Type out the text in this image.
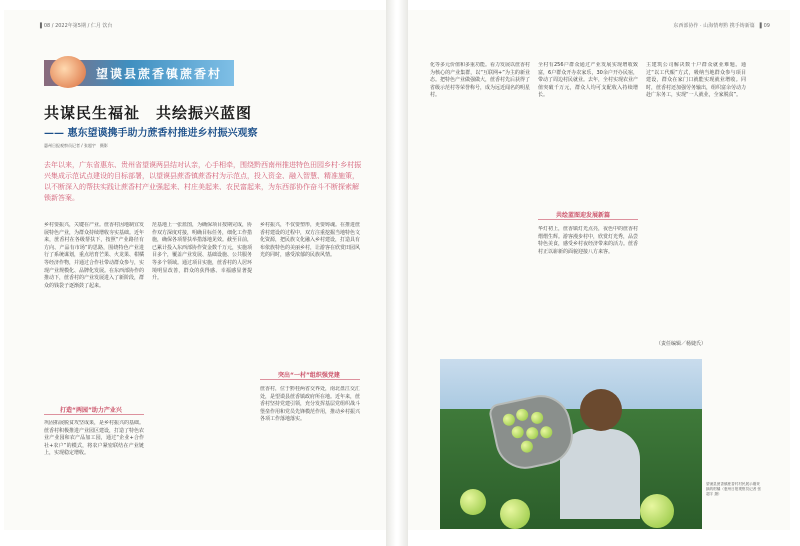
▌08 / 2022年第5期 / 仁月 饮台
望谟县蔗香镇蔗香村
共谋民生福祉　共绘振兴蓝图
—— 惠东望谟携手助力蔗香村推进乡村振兴观察
惠州日报观察员记者 / 张超宇　摄影
去年以来，广东省惠东、贵州省望谟两县结对认亲，心手相牵，围绕黔西南州推进特色田园乡村·乡村振兴集成示范试点建设的目标部署，以望谟县蔗香镇蔗香村为示范点，投入资金、融入智慧、精准施策，以不断深入的帮扶实践让蔗香村产业强起来、村庄美起来、农民富起来，为东西部协作奋斗不断探索解锁新答案。

乡村要振兴，关键在产业。蔗香村因地制宜发展特色产业，为群众持续增收夯实基础。近年来，蔗香村在各级帮扶下，按照“产业路径有方向、产品有市场”的思路，围绕特色产业进行了系统谋划，重点培育芒果、火龙果、柑橘等经济作物，并通过合作社带动群众参与，实现产业规模化、品牌化发展。在东西部协作的推动下，蔗香村的产业发展进入了新阶段，群众的钱袋子逐渐鼓了起来。

打造“两园”助力产业兴

巩固拓展脱贫攻坚成果，是乡村振兴的基础。蔗香村积极推进产业园区建设，打造了特色农业产业园和农产品加工园，通过“企业+合作社+农户”的模式，将农户紧密联结在产业链上，实现稳定增收。

范基地上一张蓝图，为确保项目按期完成，协作双方深度对接，明确目标任务，细化工作措施，确保各项帮扶举措落地见效。截至目前，已累计投入东西部协作资金数千万元，实施项目多个，覆盖产业发展、基础设施、公共服务等多个领域。通过项目实施，蔗香村的人居环境明显改善，群众的获得感、幸福感显著提升。

乡村振兴，不仅要塑形，更要铸魂。在推进蔗香村建设的过程中，双方注重挖掘当地特色文化资源，把民族文化融入乡村建设，打造具有布依族特色的美丽乡村，让游客在欣赏田园风光的同时，感受浓郁的民族风情。

突出“一村”组织强党建

蔗香村，位于黔桂两省交界处，南北盘江交汇处，是望谟县蔗香镇政府所在地。近年来，蔗香村坚持党建引领，充分发挥基层党组织战斗堡垒作用和党员先锋模范作用，推动乡村振兴各项工作落地落实。

东西部协作 · 山海情粤黔 携手铸新篇　▌09

化等多元价值和多重功能。看力发展以蔗香村为核心的产业集群，以“互联网+”为主的新业态。把特色产业做强做大，蔗香村先后获得了省级示范村等荣誉称号，成为远近闻名的明星村。

全村有256户群众通过产业发展实现增收致富，6户群众开办农家乐，30余户开办民宿，带动了周边村民就业。去年，全村实现农业产值突破千万元，群众人均可支配收入持续增长。

共绘蓝图迎发展新篇

华灯初上，蔗香镇灯光点亮，夜色中的蔗香村熠熠生辉。游客漫步村中，欣赏灯光秀，品尝特色美食，感受乡村夜经济带来的活力。蔗香村正以崭新的面貌迎接八方来客。

主建筑公司解决数十户群众就业难题。通过“以工代赈”方式，吸纳当地群众参与项目建设，群众在家门口就能实现就业增收。同时，蔗香村还加强劳务输出，组织富余劳动力赴广东务工，实现“一人就业，全家脱贫”。

（责任编辑／杨婕氏）
望谟县蔗香镇蔗香村村民展示刚采摘的柑橘（惠州日报观察员记者 张超宇 摄）
